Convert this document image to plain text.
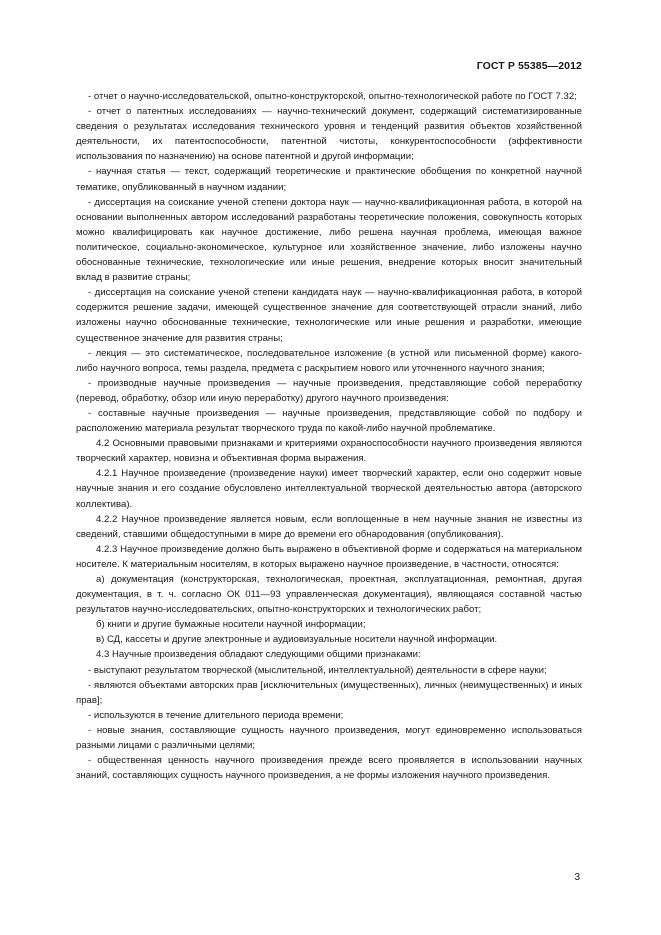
ГОСТ Р 55385—2012

- отчет о научно-исследовательской, опытно-конструкторской, опытно-технологической работе по ГОСТ 7.32;

- отчет о патентных исследованиях — научно-технический документ, содержащий систематизированные сведения о результатах исследования технического уровня и тенденций развития объектов хозяйственной деятельности, их патентоспособности, патентной чистоты, конкурентоспособности (эффективности использования по назначению) на основе патентной и другой информации;

- научная статья — текст, содержащий теоретические и практические обобщения по конкретной научной тематике, опубликованный в научном издании;

- диссертация на соискание ученой степени доктора наук — научно-квалификационная работа, в которой на основании выполненных автором исследований разработаны теоретические положения, совокупность которых можно квалифицировать как научное достижение, либо решена научная проблема, имеющая важное политическое, социально-экономическое, культурное или хозяйственное значение, либо изложены научно обоснованные технические, технологические или иные решения, внедрение которых вносит значительный вклад в развитие страны;

- диссертация на соискание ученой степени кандидата наук — научно-квалификационная работа, в которой содержится решение задачи, имеющей существенное значение для соответствующей отрасли знаний, либо изложены научно обоснованные технические, технологические или иные решения и разработки, имеющие существенное значение для развития страны;

- лекция — это систематическое, последовательное изложение (в устной или письменной форме) какого-либо научного вопроса, темы раздела, предмета с раскрытием нового или уточненного научного знания;

- производные научные произведения — научные произведения, представляющие собой переработку (перевод, обработку, обзор или иную переработку) другого научного произведения:

- составные научные произведения — научные произведения, представляющие собой по подбору и расположению материала результат творческого труда по какой-либо научной проблематике.

4.2 Основными правовыми признаками и критериями охраноспособности научного произведения являются творческий характер, новизна и объективная форма выражения.

4.2.1 Научное произведение (произведение науки) имеет творческий характер, если оно содержит новые научные знания и его создание обусловлено интеллектуальной творческой деятельностью автора (авторского коллектива).

4.2.2 Научное произведение является новым, если воплощенные в нем научные знания не известны из сведений, ставшими общедоступными в мире до времени его обнародования (опубликования).

4.2.3 Научное произведение должно быть выражено в объективной форме и содержаться на материальном носителе. К материальным носителям, в которых выражено научное произведение, в частности, относятся:

а) документация (конструкторская, технологическая, проектная, эксплуатационная, ремонтная, другая документация, в т. ч. согласно ОК 011—93 управленческая документация), являющаяся составной частью результатов научно-исследовательских, опытно-конструкторских и технологических работ;

б) книги и другие бумажные носители научной информации;

в) СД, кассеты и другие электронные и аудиовизуальные носители научной информации.

4.3 Научные произведения обладают следующими общими признаками:

- выступают результатом творческой (мыслительной, интеллектуальной) деятельности в сфере науки;

- являются объектами авторских прав [исключительных (имущественных), личных (неимущественных) и иных прав];

- используются в течение длительного периода времени;

- новые знания, составляющие сущность научного произведения, могут единовременно использоваться разными лицами с различными целями;

- общественная ценность научного произведения прежде всего проявляется в использовании научных знаний, составляющих сущность научного произведения, а не формы изложения научного произведения.

3
